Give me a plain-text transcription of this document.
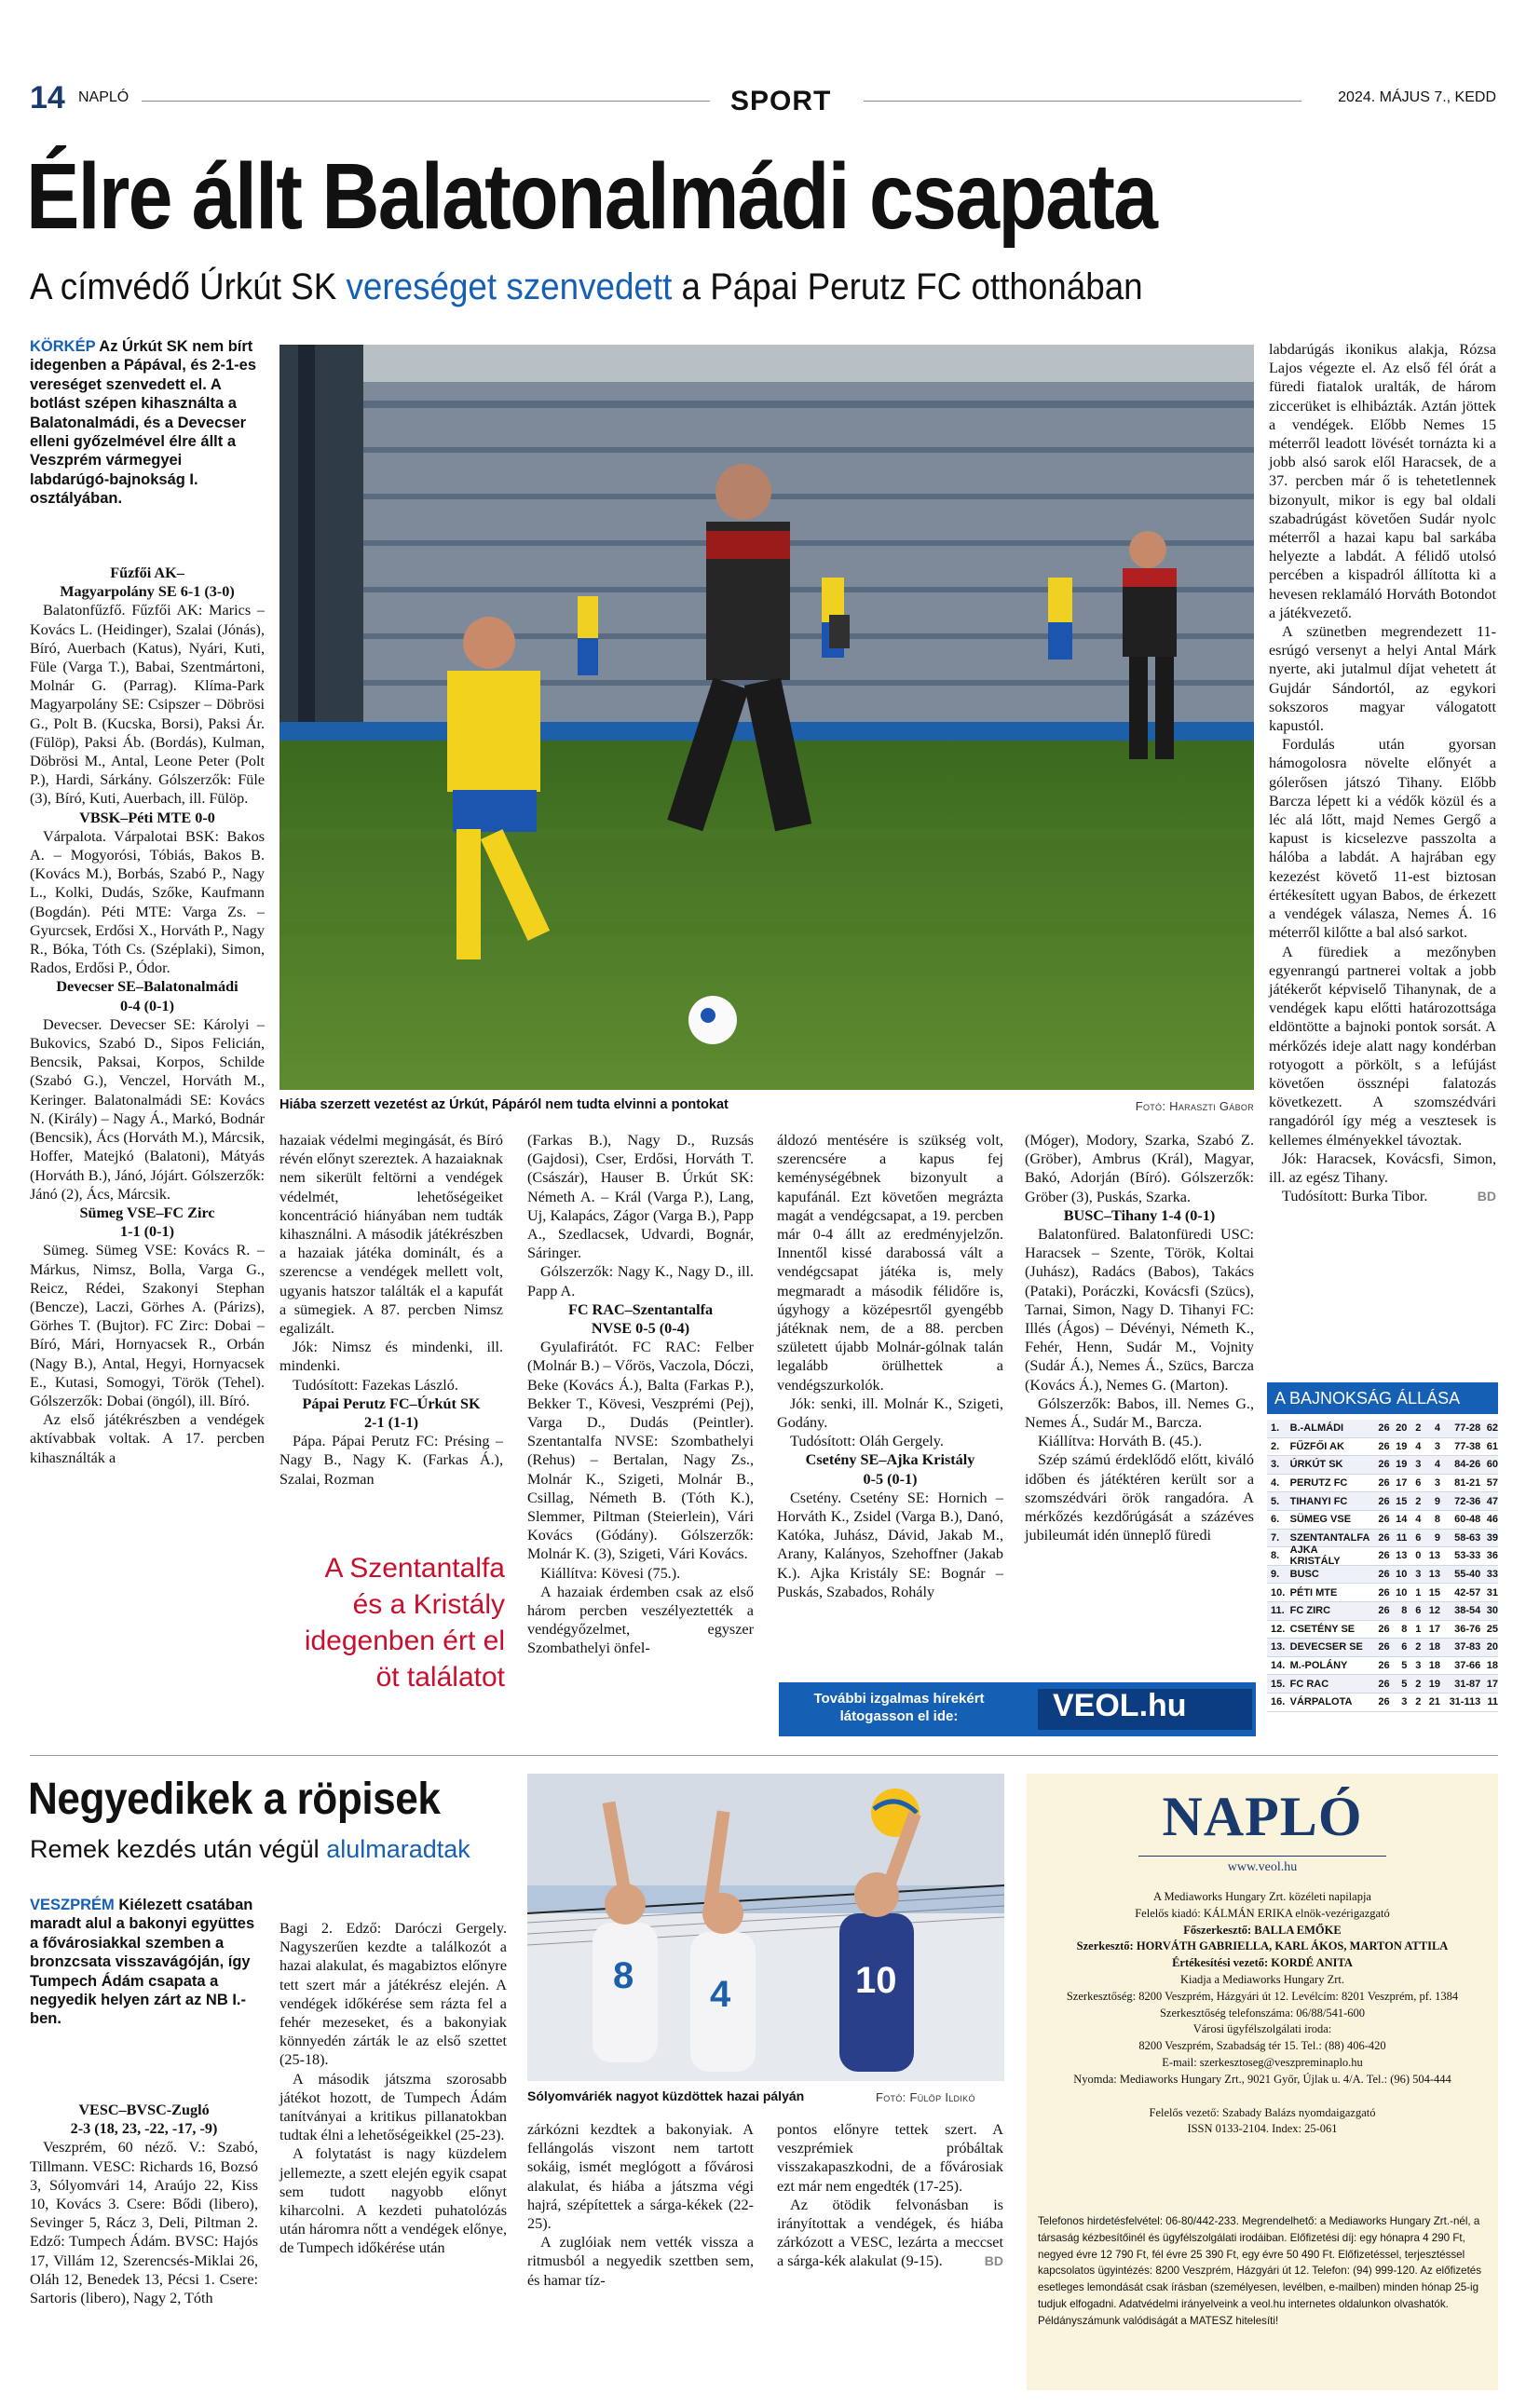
14 NAPLÓ	SPORT	2024. MÁJUS 7., KEDD
Élre állt Balatonalmádi csapata
A címvédő Úrkút SK vereséget szenvedett a Pápai Perutz FC otthonában
KÖRKÉP Az Úrkút SK nem bírt idegenben a Pápával, és 2-1-es vereséget szenvedett el. A botlást szépen kihasználta a Balatonalmádi, és a Devecser elleni győzelmével élre állt a Veszprém vármegyei labdarúgó-bajnokság I. osztályában.
Hiába szerzett vezetést az Úrkút, Pápáról nem tudta elvinni a pontokat	Fotó: Haraszti Gábor
Fűzfői AK–
Magyarpolány SE 6-1 (3-0)

Balatonfűzfő. Fűzfői AK: Marics – Kovács L. (Heidinger), Szalai (Jónás), Bíró, Auerbach (Katus), Nyári, Kuti, Füle (Varga T.), Babai, Szentmártoni, Molnár G. (Parrag). Klíma-Park Magyarpolány SE: Csipszer – Döbrösi G., Polt B. (Kucska, Borsi), Paksi Ár. (Fülöp), Paksi Áb. (Bordás), Kulman, Döbrösi M., Antal, Leone Peter (Polt P.), Hardi, Sárkány. Gólszerzők: Füle (3), Bíró, Kuti, Auerbach, ill. Fülöp.

VBSK–Péti MTE 0-0

Várpalota. Várpalotai BSK: Bakos A. – Mogyorósi, Tóbiás, Bakos B. (Kovács M.), Borbás, Szabó P., Nagy L., Kolki, Dudás, Szőke, Kaufmann (Bogdán). Péti MTE: Varga Zs. – Gyurcsek, Erdősi X., Horváth P., Nagy R., Bóka, Tóth Cs. (Széplaki), Simon, Rados, Erdősi P., Ódor.

Devecser SE–Balatonalmádi
0-4 (0-1)

Devecser. Devecser SE: Károlyi – Bukovics, Szabó D., Sipos Felicián, Bencsik, Paksai, Korpos, Schilde (Szabó G.), Venczel, Horváth M., Keringer. Balatonalmádi SE: Kovács N. (Király) – Nagy Á., Markó, Bodnár (Bencsik), Ács (Horváth M.), Márcsik, Hoffer, Matejkó (Balatoni), Mátyás (Horváth B.), Jánó, Jójárt. Gólszerzők: Jánó (2), Ács, Márcsik.

Sümeg VSE–FC Zirc
1-1 (0-1)

Sümeg. Sümeg VSE: Kovács R. – Márkus, Nimsz, Bolla, Varga G., Reicz, Rédei, Szakonyi Stephan (Bencze), Laczi, Görhes A. (Párizs), Görhes T. (Bujtor). FC Zirc: Dobai – Bíró, Mári, Hornyacsek R., Orbán (Nagy B.), Antal, Hegyi, Hornyacsek E., Kutasi, Somogyi, Török (Tehel). Gólszerzők: Dobai (öngól), ill. Bíró.

Az első játékrészben a vendégek aktívabbak voltak. A 17. percben kihasználták a

hazaiak védelmi megingását, és Bíró révén előnyt szereztek. A hazaiaknak nem sikerült feltörni a vendégek védelmét, lehetőségeiket koncentráció hiányában nem tudták kihasználni. A második játékrészben a hazaiak játéka dominált, és a szerencse a vendégek mellett volt, ugyanis hatszor találták el a kapufát a sümegiek. A 87. percben Nimsz egalizált.

Jók: Nimsz és mindenki, ill. mindenki.

Tudósított: Fazekas László.

Pápai Perutz FC–Úrkút SK
2-1 (1-1)

Pápa. Pápai Perutz FC: Présing – Nagy B., Nagy K. (Farkas Á.), Szalai, Rozman

(Farkas B.), Nagy D., Ruzsás (Gajdosi), Cser, Erdősi, Horváth T. (Császár), Hauser B. Úrkút SK: Németh A. – Král (Varga P.), Lang, Uj, Kalapács, Zágor (Varga B.), Papp A., Szedlacsek, Udvardi, Bognár, Sáringer.

Gólszerzők: Nagy K., Nagy D., ill. Papp A.

FC RAC–Szentantalfa
NVSE 0-5 (0-4)

Gyulafirátót. FC RAC: Felber (Molnár B.) – Vőrös, Vaczola, Dóczi, Beke (Kovács Á.), Balta (Farkas P.), Bekker T., Kövesi, Veszprémi (Pej), Varga D., Dudás (Peintler). Szentantalfa NVSE: Szombathelyi (Rehus) – Bertalan, Nagy Zs., Molnár K., Szigeti, Molnár B., Csillag, Németh B. (Tóth K.), Slemmer, Piltman (Steierlein), Vári Kovács (Gódány). Gólszerzők: Molnár K. (3), Szigeti, Vári Kovács.

Kiállítva: Kövesi (75.).

A hazaiak érdemben csak az első három percben veszélyeztették a vendégyőzelmet, egyszer Szombathelyi önfel-

áldozó mentésére is szükség volt, szerencsére a kapus fej keménységébnek bizonyult a kapufánál. Ezt követően megrázta magát a vendégcsapat, a 19. percben már 0-4 állt az eredményjelzőn. Innentől kissé darabossá vált a vendégcsapat játéka is, mely megmaradt a második félidőre is, úgyhogy a középesrtől gyengébb játéknak nem, de a 88. percben született újabb Molnár-gólnak talán legalább örülhettek a vendégszurkolók.

Jók: senki, ill. Molnár K., Szigeti, Godány.

Tudósított: Oláh Gergely.

Csetény SE–Ajka Kristály
0-5 (0-1)

Csetény. Csetény SE: Hornich – Horváth K., Zsidel (Varga B.), Danó, Katóka, Juhász, Dávid, Jakab M., Arany, Kalányos, Szehoffner (Jakab K.). Ajka Kristály SE: Bognár – Puskás, Szabados, Rohály

(Móger), Modory, Szarka, Szabó Z. (Gröber), Ambrus (Král), Magyar, Bakó, Adorján (Bíró). Gólszerzők: Gröber (3), Puskás, Szarka.

BUSC–Tihany 1-4 (0-1)

Balatonfüred. Balatonfüredi USC: Haracsek – Szente, Török, Koltai (Juhász), Radács (Babos), Takács (Pataki), Poráczki, Kovácsfi (Szücs), Tarnai, Simon, Nagy D. Tihanyi FC: Illés (Ágos) – Dévényi, Németh K., Fehér, Henn, Sudár M., Vojnity (Sudár Á.), Nemes Á., Szücs, Barcza (Kovács Á.), Nemes G. (Marton).

Gólszerzők: Babos, ill. Nemes G., Nemes Á., Sudár M., Barcza.

Kiállítva: Horváth B. (45.).

Szép számú érdeklődő előtt, kiváló időben és játéktéren került sor a szomszédvári örök rangadóra. A mérkőzés kezdőrúgását a százéves jubileumát idén ünneplő füredi

labdarúgás ikonikus alakja, Rózsa Lajos végezte el. Az első fél órát a füredi fiatalok uralták, de három ziccerüket is elhibázták. Aztán jöttek a vendégek. Előbb Nemes 15 méterről leadott lövését tornázta ki a jobb alsó sarok elől Haracsek, de a 37. percben már ő is tehetetlennek bizonyult, mikor is egy bal oldali szabadrúgást követően Sudár nyolc méterről a hazai kapu bal sarkába helyezte a labdát. A félidő utolsó percében a kispadról állította ki a hevesen reklamáló Horváth Botondot a játékvezető.

A szünetben megrendezett 11-esrúgó versenyt a helyi Antal Márk nyerte, aki jutalmul díjat vehetett át Gujdár Sándortól, az egykori sokszoros magyar válogatott kapustól.

Fordulás után gyorsan hámogolosra növelte előnyét a gólerősen játszó Tihany. Előbb Barcza lépett ki a védők közül és a léc alá lőtt, majd Nemes Gergő a kapust is kicselezve passzolta a hálóba a labdát. A hajrában egy kezezést követő 11-est biztosan értékesített ugyan Babos, de érkezett a vendégek válasza, Nemes Á. 16 méterről kilőtte a bal alsó sarkot.

A fürediek a mezőnyben egyenrangú partnerei voltak a jobb játékerőt képviselő Tihanynak, de a vendégek kapu előtti határozottsága eldöntötte a bajnoki pontok sorsát. A mérkőzés ideje alatt nagy kondérban rotyogott a pörkölt, s a lefújást követően össznépi falatozás következett. A szomszédvári rangadóról így még a vesztesek is kellemes élményekkel távoztak.

Jók: Haracsek, Kovácsfi, Simon, ill. az egész Tihany.

Tudósított: Burka Tibor.	BD

A Szentantalfa és a Kristály idegenben ért el öt találatot
További izgalmas hírekért
látogasson el ide:	VEOL.hu
A BAJNOKSÁG ÁLLÁSA
1.	B.-ALMÁDI	26 20 2	4	77-28 62
2.	FŰZFŐI AK	26 19 4	3	77-38 61
3.	ÚRKÚT SK	26 19 3	4	84-26 60
4.	PERUTZ FC	26 17 6	3	81-21 57
5.	TIHANYI FC	26 15 2	9	72-36 47
6.	SÜMEG VSE	26 14 4	8	60-48 46
7.	SZENTANTALFA 26 11 6	9	58-63 39
8.	AJKA KRISTÁLY	26 13 0 13	53-33 36
9.	BUSC	26 10 3 13	55-40 33
10. PÉTI MTE	26 10 1 15	42-57 31
11. FC ZIRC	26	8 6 12	38-54 30
12. CSETÉNY SE	26	8 1 17	36-76 25
13. DEVECSER SE	26	6 2 18	37-83 20
14. M.-POLÁNY	26	5 3 18	37-66 18
15. FC RAC	26	5 2 19	31-87 17
16. VÁRPALOTA	26	3 2 21 31-113 11
Negyedikek a röpisek
Remek kezdés után végül alulmaradtak
VESZPRÉM Kiélezett csatában maradt alul a bakonyi együttes a fővárosiakkal szemben a bronzcsata visszavágóján, így Tumpech Ádám csapata a negyedik helyen zárt az NB I.-ben.
8 4	10
Sólyomváriék nagyot küzdöttek hazai pályán	Fotó: Fülöp Ildikó
VESC–BVSC-Zugló
2-3 (18, 23, -22, -17, -9)

Veszprém, 60 néző. V.: Szabó, Tillmann. VESC: Richards 16, Bozsó 3, Sólyomvári 14, Araújo 22, Kiss 10, Kovács 3. Csere: Bődi (libero), Sevinger 5, Rácz 3, Deli, Piltman 2. Edző: Tumpech Ádám. BVSC: Hajós 17, Villám 12, Szerencsés-Miklai 26, Oláh 12, Benedek 13, Pécsi 1. Csere: Sartoris (libero), Nagy 2, Tóth

Bagi 2. Edző: Daróczi Gergely. Nagyszerűen kezdte a találkozót a hazai alakulat, és magabiztos előnyre tett szert már a játékrész elején. A vendégek időkérése sem rázta fel a fehér mezeseket, és a bakonyiak könnyedén zárták le az első szettet (25-18).

A második játszma szorosabb játékot hozott, de Tumpech Ádám tanítványai a kritikus pillanatokban tudtak élni a lehetőségeikkel (25-23).

A folytatást is nagy küzdelem jellemezte, a szett elején egyik csapat sem tudott nagyobb előnyt kiharcolni. A kezdeti puhatolózás után háromra nőtt a vendégek előnye, de Tumpech időkérése után

zárkózni kezdtek a bakonyiak. A fellángolás viszont nem tartott sokáig, ismét meglógott a fővárosi alakulat, és hiába a játszma végi hajrá, szépítettek a sárga-kékek (22-25).

A zuglóiak nem vették vissza a ritmusból a negyedik szettben sem, és hamar tíz-

pontos előnyre tettek szert. A veszprémiek próbáltak visszakapaszkodni, de a fővárosiak ezt már nem engedték (17-25).

Az ötödik felvonásban is irányítottak a vendégek, és hiába zárkózott a VESC, lezárta a meccset a sárga-kék alakulat (9-15).	BD

NAPLÓ
www.veol.hu
A Mediaworks Hungary Zrt. közéleti napilapja
Felelős kiadó: KÁLMÁN ERIKA elnök-vezérigazgató
Főszerkesztő: BALLA EMŐKE
Szerkesztő: HORVÁTH GABRIELLA, KARL ÁKOS, MARTON ATTILA
Értékesítési vezető: KORDÉ ANITA
Kiadja a Mediaworks Hungary Zrt.
Szerkesztőség: 8200 Veszprém, Házgyári út 12. Levélcím: 8201 Veszprém, pf. 1384
Szerkesztőség telefonszáma: 06/88/541-600
Városi ügyfélszolgálati iroda:
8200 Veszprém, Szabadság tér 15. Tel.: (88) 406-420
E-mail: szerkesztoseg@veszpreminaplo.hu
Nyomda: Mediaworks Hungary Zrt., 9021 Győr, Újlak u. 4/A. Tel.: (96) 504-444
Felelős vezető: Szabady Balázs nyomdaigazgató
ISSN 0133-2104. Index: 25-061
Telefonos hirdetésfelvétel: 06-80/442-233. Megrendelhető: a Mediaworks Hungary Zrt.-nél, a társaság kézbesítőinél és ügyfélszolgálati irodáiban. Előfizetési díj: egy hónapra 4 290 Ft, negyed évre 12 790 Ft, fél évre 25 390 Ft, egy évre 50 490 Ft. Előfizetéssel, terjesztéssel kapcsolatos ügyintézés: 8200 Veszprém, Házgyári út 12. Telefon: (94) 999-120. Az előfizetés esetleges lemondását csak írásban (személyesen, levélben, e-mailben) minden hónap 25-ig tudjuk elfogadni. Adatvédelmi irányelveink a veol.hu internetes oldalunkon olvashatók. Példányszámunk valódiságát a MATESZ hitelesíti!
